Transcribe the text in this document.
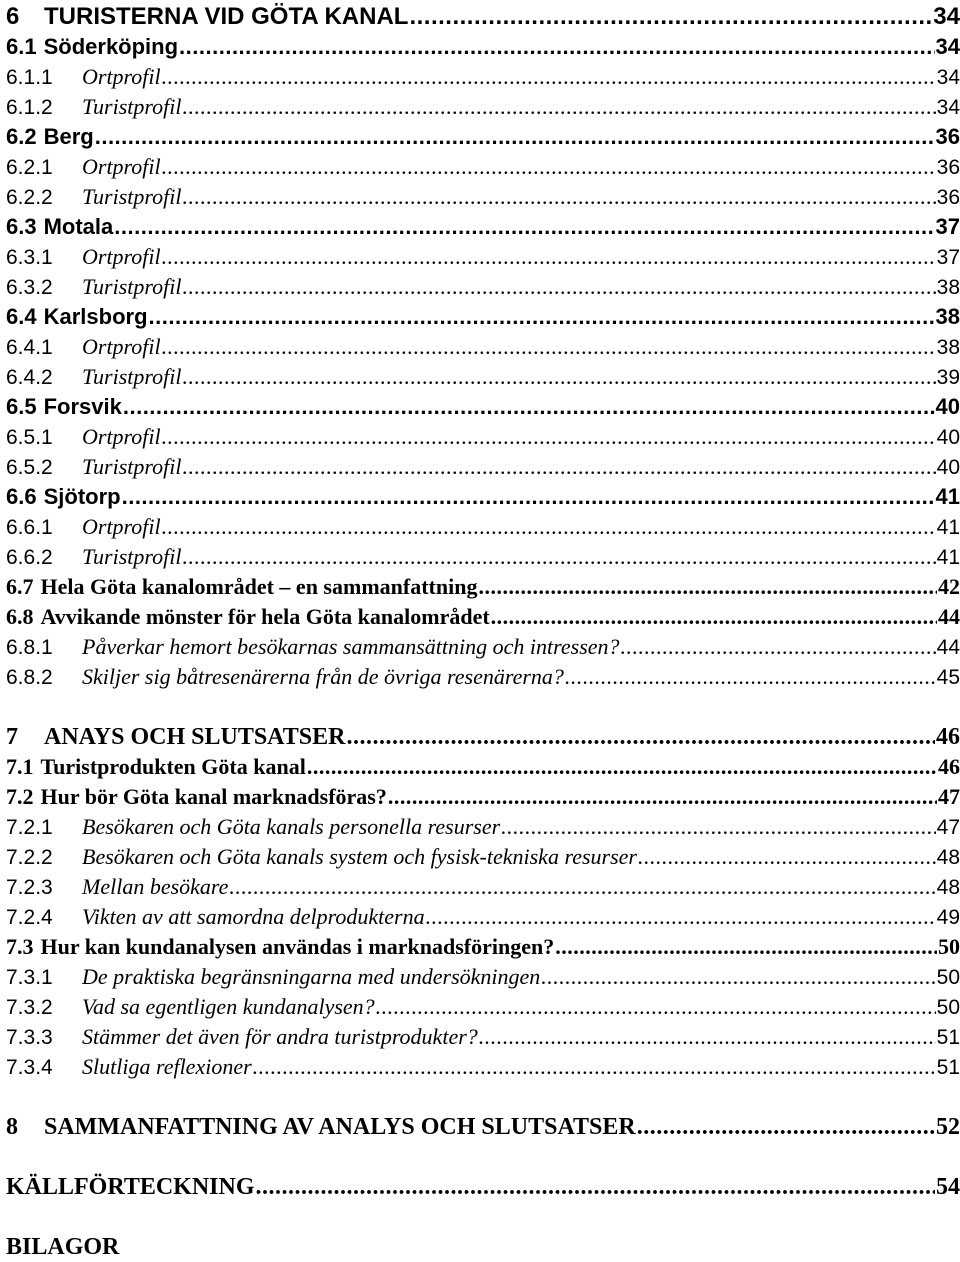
6	TURISTERNA VID GÖTA KANAL .....	34
6.1 Söderköping .....	34
6.1.1	Ortprofil .....	34
6.1.2	Turistprofil .....	34
6.2 Berg .....	36
6.2.1	Ortprofil .....	36
6.2.2	Turistprofil .....	36
6.3 Motala .....	37
6.3.1	Ortprofil .....	37
6.3.2	Turistprofil .....	38
6.4 Karlsborg .....	38
6.4.1	Ortprofil .....	38
6.4.2	Turistprofil .....	39
6.5 Forsvik .....	40
6.5.1	Ortprofil .....	40
6.5.2	Turistprofil .....	40
6.6 Sjötorp .....	41
6.6.1	Ortprofil .....	41
6.6.2	Turistprofil .....	41
6.7 Hela Göta kanalområdet – en sammanfattning .....	42
6.8 Avvikande mönster för hela Göta kanalområdet .....	44
6.8.1	Påverkar hemort besökarnas sammansättning och intressen? .....	44
6.8.2	Skiljer sig båtresenärerna från de övriga resenärerna? .....	45
7	ANAYS OCH SLUTSATSER .....	46
7.1 Turistprodukten Göta kanal .....	46
7.2 Hur bör Göta kanal marknadsföras? .....	47
7.2.1	Besökaren och Göta kanals personella resurser .....	47
7.2.2	Besökaren och Göta kanals system och fysisk-tekniska resurser .....	48
7.2.3	Mellan besökare .....	48
7.2.4	Vikten av att samordna delprodukterna .....	49
7.3 Hur kan kundanalysen användas i marknadsföringen? .....	50
7.3.1	De praktiska begränsningarna med undersökningen .....	50
7.3.2	Vad sa egentligen kundanalysen? .....	50
7.3.3	Stämmer det även för andra turistprodukter? .....	51
7.3.4	Slutliga reflexioner .....	51
8	SAMMANFATTNING AV ANALYS OCH SLUTSATSER .....	52
KÄLLFÖRTECKNING .....	54
BILAGOR
